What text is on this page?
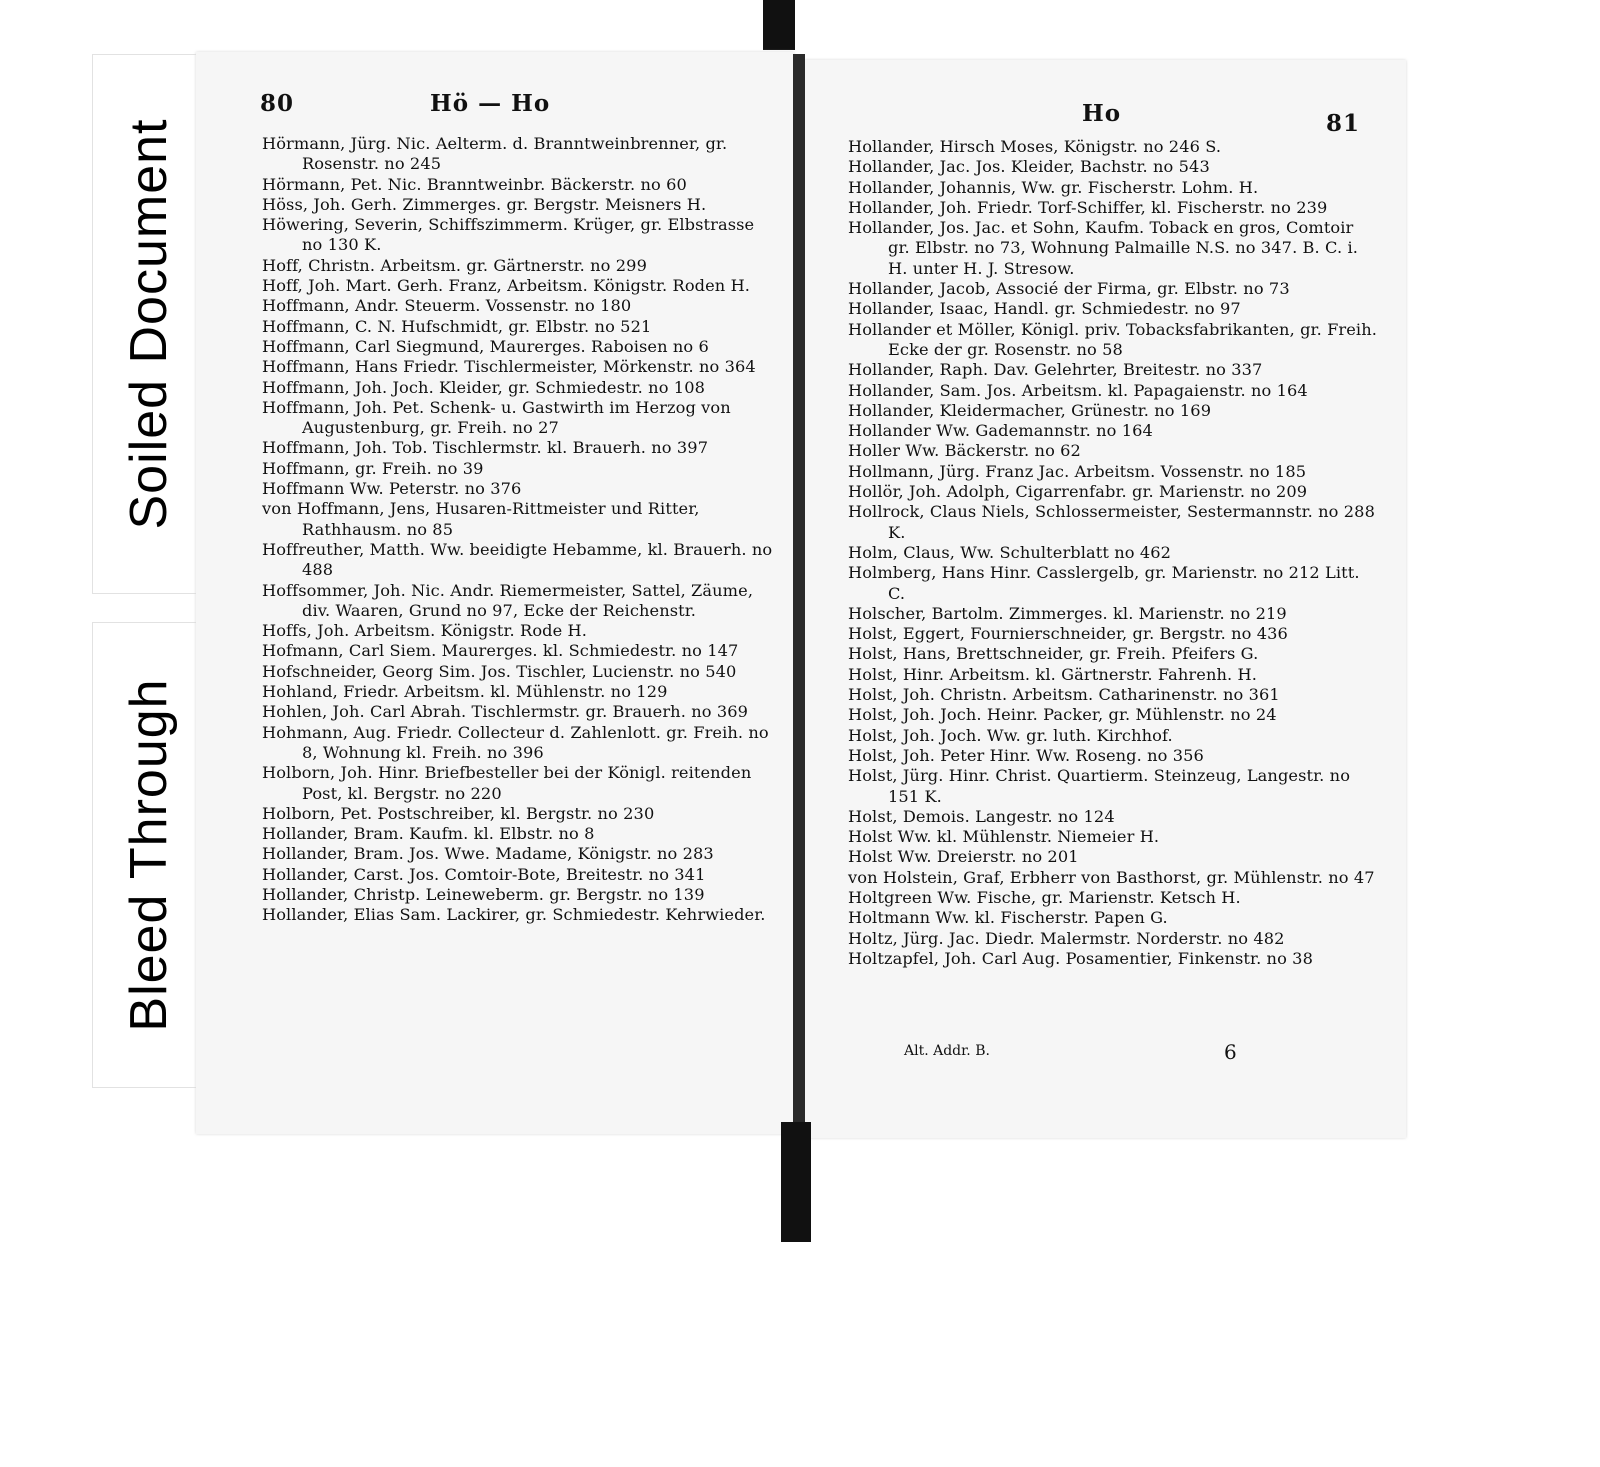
Soiled Document
Bleed Through
80	Hö — Ho
Hörmann, Jürg. Nic. Aelterm. d. Branntweinbrenner, gr. Rosenstr. no 245
Hörmann, Pet. Nic. Branntweinbr. Bäckerstr. no 60
Höss, Joh. Gerh. Zimmerges. gr. Bergstr. Meisners H.
Höwering, Severin, Schiffszimmerm. Krüger, gr. Elbstrasse no 130 K.
Hoff, Christn. Arbeitsm. gr. Gärtnerstr. no 299
Hoff, Joh. Mart. Gerh. Franz, Arbeitsm. Königstr. Roden H.
Hoffmann, Andr. Steuerm. Vossenstr. no 180
Hoffmann, C. N. Hufschmidt, gr. Elbstr. no 521
Hoffmann, Carl Siegmund, Maurerges. Raboisen no 6
Hoffmann, Hans Friedr. Tischlermeister, Mörkenstr. no 364
Hoffmann, Joh. Joch. Kleider, gr. Schmiedestr. no 108
Hoffmann, Joh. Pet. Schenk- u. Gastwirth im Herzog von Augustenburg, gr. Freih. no 27
Hoffmann, Joh. Tob. Tischlermstr. kl. Brauerh. no 397
Hoffmann, gr. Freih. no 39
Hoffmann Ww. Peterstr. no 376
von Hoffmann, Jens, Husaren-Rittmeister und Ritter, Rathhausm. no 85
Hoffreuther, Matth. Ww. beeidigte Hebamme, kl. Brauerh. no 488
Hoffsommer, Joh. Nic. Andr. Riemermeister, Sattel, Zäume, div. Waaren, Grund no 97, Ecke der Reichenstr.
Hoffs, Joh. Arbeitsm. Königstr. Rode H.
Hofmann, Carl Siem. Maurerges. kl. Schmiedestr. no 147
Hofschneider, Georg Sim. Jos. Tischler, Lucienstr. no 540
Hohland, Friedr. Arbeitsm. kl. Mühlenstr. no 129
Hohlen, Joh. Carl Abrah. Tischlermstr. gr. Brauerh. no 369
Hohmann, Aug. Friedr. Collecteur d. Zahlenlott. gr. Freih. no 8, Wohnung kl. Freih. no 396
Holborn, Joh. Hinr. Briefbesteller bei der Königl. reitenden Post, kl. Bergstr. no 220
Holborn, Pet. Postschreiber, kl. Bergstr. no 230
Hollander, Bram. Kaufm. kl. Elbstr. no 8
Hollander, Bram. Jos. Wwe. Madame, Königstr. no 283
Hollander, Carst. Jos. Comtoir-Bote, Breitestr. no 341
Hollander, Christp. Leineweberm. gr. Bergstr. no 139
Hollander, Elias Sam. Lackirer, gr. Schmiedestr. Kehrwieder.
Ho	81
Hollander, Hirsch Moses, Königstr. no 246 S.
Hollander, Jac. Jos. Kleider, Bachstr. no 543
Hollander, Johannis, Ww. gr. Fischerstr. Lohm. H.
Hollander, Joh. Friedr. Torf-Schiffer, kl. Fischerstr. no 239
Hollander, Jos. Jac. et Sohn, Kaufm. Toback en gros, Comtoir gr. Elbstr. no 73, Wohnung Palmaille N.S. no 347. B. C. i. H. unter H. J. Stresow.
Hollander, Jacob, Associé der Firma, gr. Elbstr. no 73
Hollander, Isaac, Handl. gr. Schmiedestr. no 97
Hollander et Möller, Königl. priv. Tobacksfabrikanten, gr. Freih. Ecke der gr. Rosenstr. no 58
Hollander, Raph. Dav. Gelehrter, Breitestr. no 337
Hollander, Sam. Jos. Arbeitsm. kl. Papagaienstr. no 164
Hollander, Kleidermacher, Grünestr. no 169
Hollander Ww. Gademannstr. no 164
Holler Ww. Bäckerstr. no 62
Hollmann, Jürg. Franz Jac. Arbeitsm. Vossenstr. no 185
Hollör, Joh. Adolph, Cigarrenfabr. gr. Marienstr. no 209
Hollrock, Claus Niels, Schlossermeister, Sestermannstr. no 288 K.
Holm, Claus, Ww. Schulterblatt no 462
Holmberg, Hans Hinr. Casslergelb, gr. Marienstr. no 212 Litt. C.
Holscher, Bartolm. Zimmerges. kl. Marienstr. no 219
Holst, Eggert, Fournierschneider, gr. Bergstr. no 436
Holst, Hans, Brettschneider, gr. Freih. Pfeifers G.
Holst, Hinr. Arbeitsm. kl. Gärtnerstr. Fahrenh. H.
Holst, Joh. Christn. Arbeitsm. Catharinenstr. no 361
Holst, Joh. Joch. Heinr. Packer, gr. Mühlenstr. no 24
Holst, Joh. Joch. Ww. gr. luth. Kirchhof.
Holst, Joh. Peter Hinr. Ww. Roseng. no 356
Holst, Jürg. Hinr. Christ. Quartierm. Steinzeug, Langestr. no 151 K.
Holst, Demois. Langestr. no 124
Holst Ww. kl. Mühlenstr. Niemeier H.
Holst Ww. Dreierstr. no 201
von Holstein, Graf, Erbherr von Basthorst, gr. Mühlenstr. no 47
Holtgreen Ww. Fische, gr. Marienstr. Ketsch H.
Holtmann Ww. kl. Fischerstr. Papen G.
Holtz, Jürg. Jac. Diedr. Malermstr. Norderstr. no 482
Holtzapfel, Joh. Carl Aug. Posamentier, Finkenstr. no 38
Alt. Addr. B.	6
